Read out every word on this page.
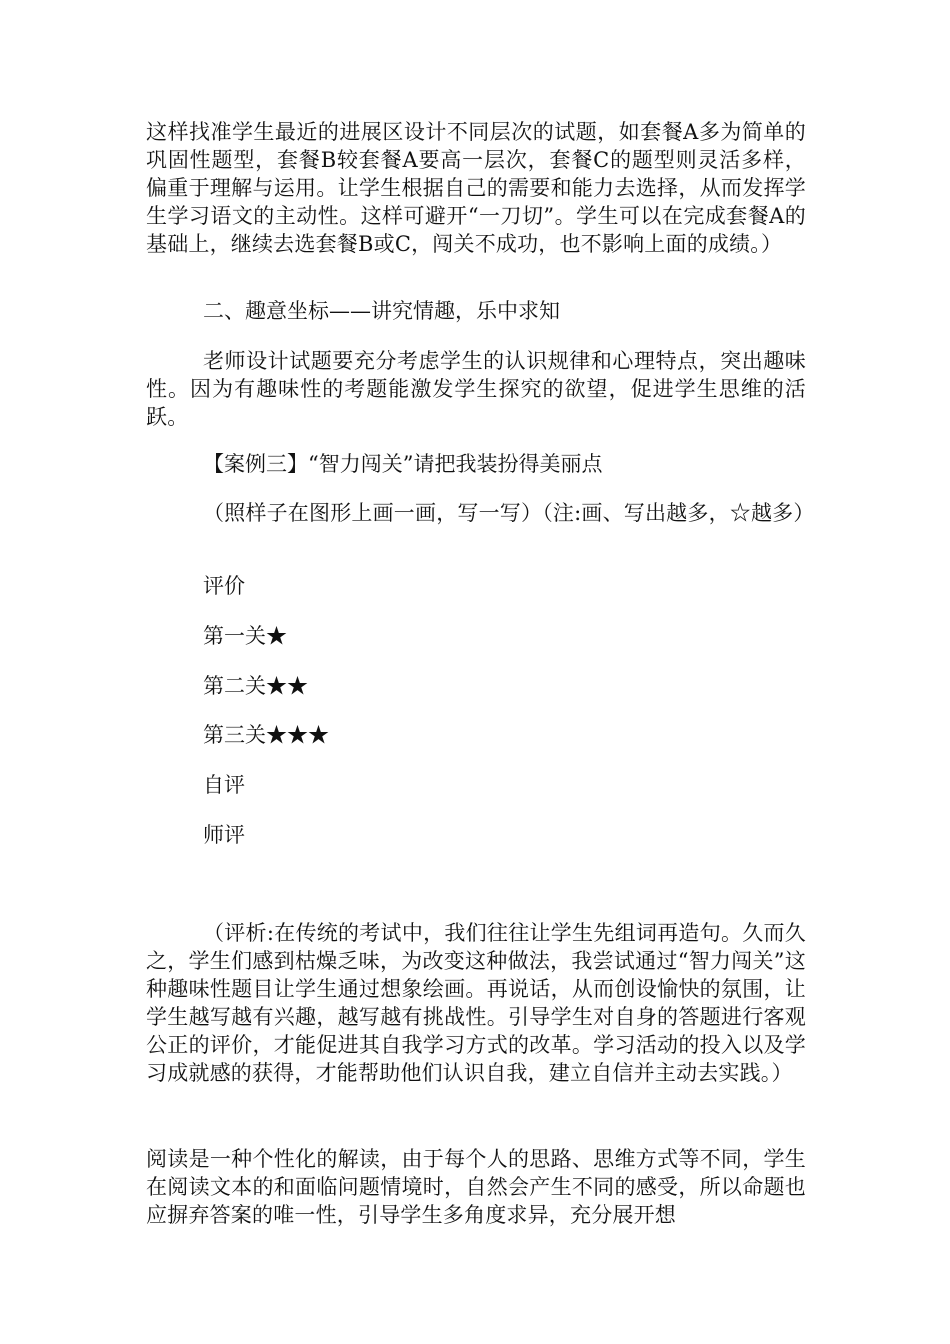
这样找准学生最近的进展区设计不同层次的试题，如套餐A多为简单的巩固性题型，套餐B较套餐A要高一层次，套餐C的题型则灵活多样，偏重于理解与运用。让学生根据自己的需要和能力去选择，从而发挥学生学习语文的主动性。这样可避开“一刀切”。学生可以在完成套餐A的基础上，继续去选套餐B或C，闯关不成功，也不影响上面的成绩。）

二、趣意坐标——讲究情趣，乐中求知

老师设计试题要充分考虑学生的认识规律和心理特点，突出趣味性。因为有趣味性的考题能激发学生探究的欲望，促进学生思维的活跃。

【案例三】“智力闯关”请把我装扮得美丽点

（照样子在图形上画一画，写一写）（注:画、写出越多，☆越多）

评价

第一关★

第二关★★

第三关★★★

自评

师评

（评析:在传统的考试中，我们往往让学生先组词再造句。久而久之，学生们感到枯燥乏味，为改变这种做法，我尝试通过“智力闯关”这种趣味性题目让学生通过想象绘画。再说话，从而创设愉快的氛围，让学生越写越有兴趣，越写越有挑战性。引导学生对自身的答题进行客观公正的评价，才能促进其自我学习方式的改革。学习活动的投入以及学习成就感的获得，才能帮助他们认识自我，建立自信并主动去实践。）

阅读是一种个性化的解读，由于每个人的思路、思维方式等不同，学生在阅读文本的和面临问题情境时，自然会产生不同的感受，所以命题也应摒弃答案的唯一性，引导学生多角度求异，充分展开想
